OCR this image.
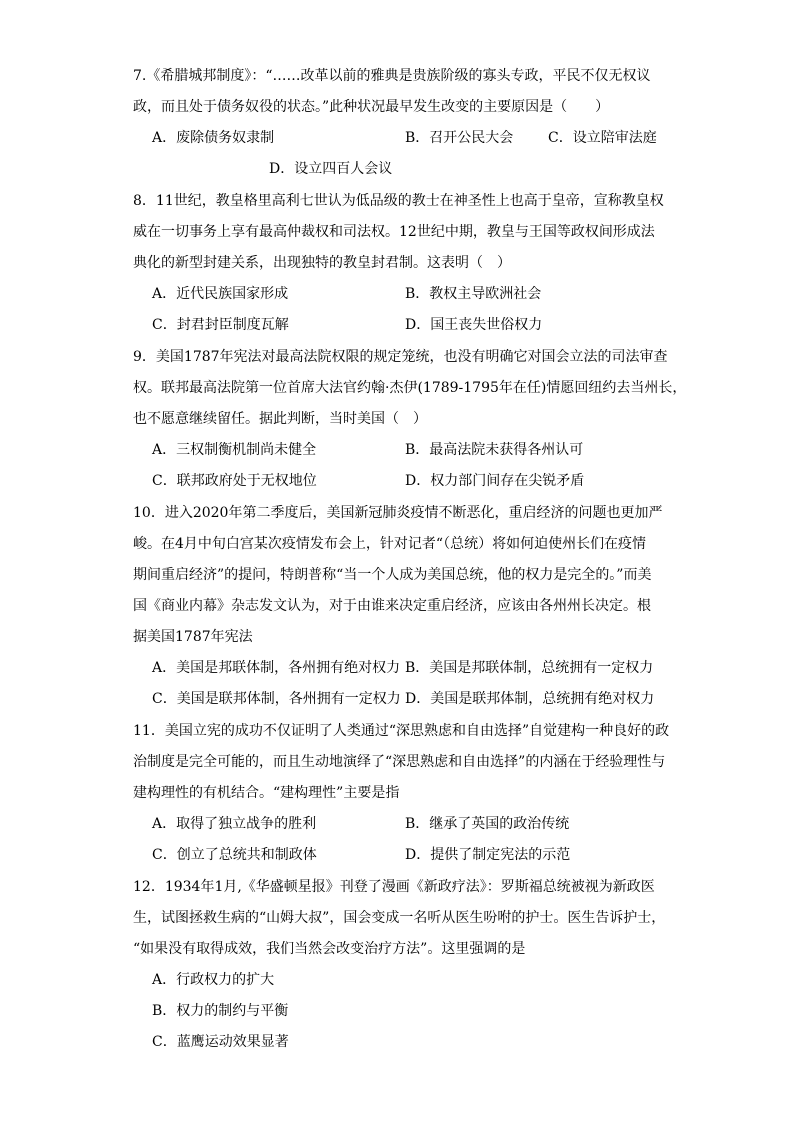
7.《希腊城邦制度》：“……改革以前的雅典是贵族阶级的寡头专政，平民不仅无权议
政，而且处于债务奴役的状态。”此种状况最早发生改变的主要原因是（　　）
A．废除债务奴隶制	B．召开公民大会 C．设立陪审法庭
D．设立四百人会议
8．11世纪，教皇格里高利七世认为低品级的教士在神圣性上也高于皇帝，宣称教皇权
威在一切事务上享有最高仲裁权和司法权。12世纪中期，教皇与王国等政权间形成法
典化的新型封建关系，出现独特的教皇封君制。这表明（　）
A．近代民族国家形成	B．教权主导欧洲社会
C．封君封臣制度瓦解	D．国王丧失世俗权力
9．美国1787年宪法对最高法院权限的规定笼统，也没有明确它对国会立法的司法审查
权。联邦最高法院第一位首席大法官约翰·杰伊(1789-1795年在任)情愿回纽约去当州长，
也不愿意继续留任。据此判断，当时美国（　）
A．三权制衡机制尚未健全	B．最高法院未获得各州认可
C．联邦政府处于无权地位	D．权力部门间存在尖锐矛盾
10．进入2020年第二季度后，美国新冠肺炎疫情不断恶化，重启经济的问题也更加严
峻。在4月中旬白宫某次疫情发布会上，针对记者“（总统）将如何迫使州长们在疫情
期间重启经济”的提问，特朗普称“当一个人成为美国总统，他的权力是完全的。”而美
国《商业内幕》杂志发文认为，对于由谁来决定重启经济，应该由各州州长决定。根
据美国1787年宪法
A．美国是邦联体制，各州拥有绝对权力 B．美国是邦联体制，总统拥有一定权力
C．美国是联邦体制，各州拥有一定权力 D．美国是联邦体制，总统拥有绝对权力
11．美国立宪的成功不仅证明了人类通过“深思熟虑和自由选择”自觉建构一种良好的政
治制度是完全可能的，而且生动地演绎了“深思熟虑和自由选择”的内涵在于经验理性与
建构理性的有机结合。“建构理性”主要是指
A．取得了独立战争的胜利	B．继承了英国的政治传统
C．创立了总统共和制政体	D．提供了制定宪法的示范
12．1934年1月,《华盛顿星报》刊登了漫画《新政疗法》：罗斯福总统被视为新政医
生，试图拯救生病的“山姆大叔”，国会变成一名听从医生吩咐的护士。医生告诉护士，
“如果没有取得成效，我们当然会改变治疗方法”。这里强调的是
A．行政权力的扩大
B．权力的制约与平衡
C．蓝鹰运动效果显著
